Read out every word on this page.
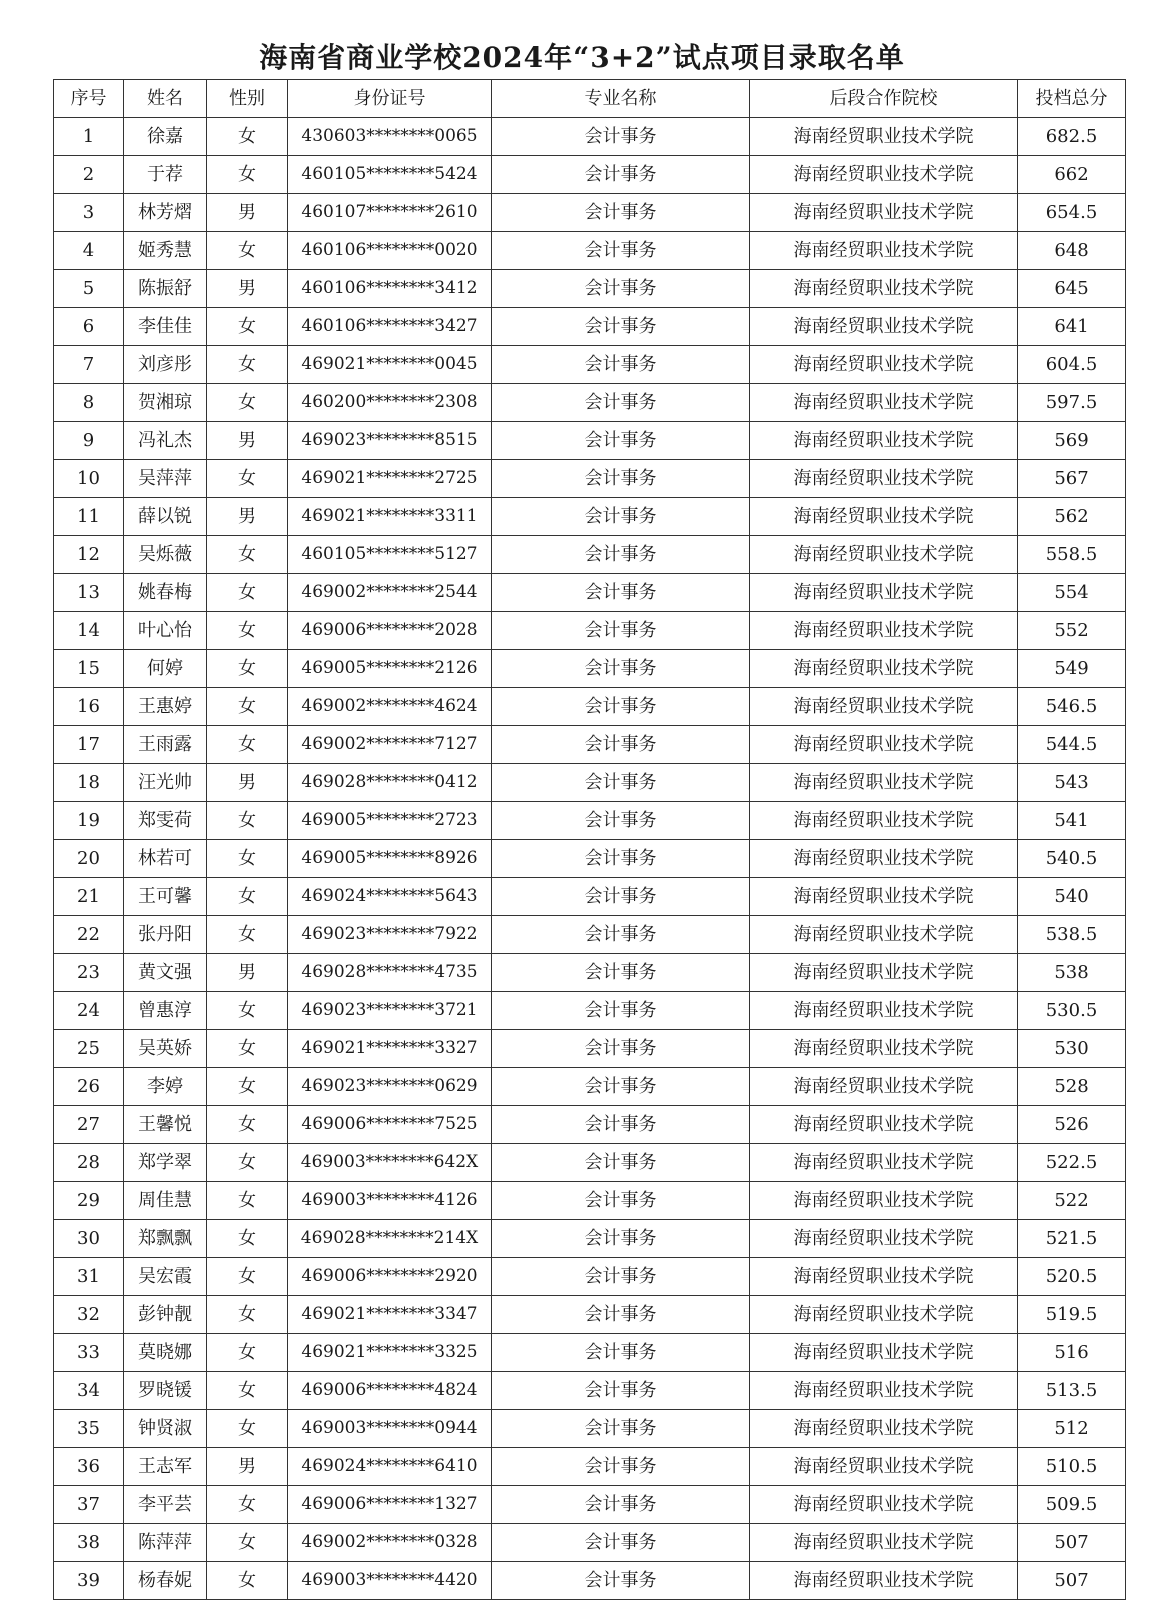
海南省商业学校2024年“3+2”试点项目录取名单
序号	姓名	性别	身份证号	专业名称	后段合作院校	投档总分
1	徐嘉	女	430603********0065	会计事务	海南经贸职业技术学院	682.5
2	于荐	女	460105********5424	会计事务	海南经贸职业技术学院	662
3	林芳熠	男	460107********2610	会计事务	海南经贸职业技术学院	654.5
4	姬秀慧	女	460106********0020	会计事务	海南经贸职业技术学院	648
5	陈振舒	男	460106********3412	会计事务	海南经贸职业技术学院	645
6	李佳佳	女	460106********3427	会计事务	海南经贸职业技术学院	641
7	刘彦彤	女	469021********0045	会计事务	海南经贸职业技术学院	604.5
8	贺湘琼	女	460200********2308	会计事务	海南经贸职业技术学院	597.5
9	冯礼杰	男	469023********8515	会计事务	海南经贸职业技术学院	569
10	吴萍萍	女	469021********2725	会计事务	海南经贸职业技术学院	567
11	薛以锐	男	469021********3311	会计事务	海南经贸职业技术学院	562
12	吴烁薇	女	460105********5127	会计事务	海南经贸职业技术学院	558.5
13	姚春梅	女	469002********2544	会计事务	海南经贸职业技术学院	554
14	叶心怡	女	469006********2028	会计事务	海南经贸职业技术学院	552
15	何婷	女	469005********2126	会计事务	海南经贸职业技术学院	549
16	王惠婷	女	469002********4624	会计事务	海南经贸职业技术学院	546.5
17	王雨露	女	469002********7127	会计事务	海南经贸职业技术学院	544.5
18	汪光帅	男	469028********0412	会计事务	海南经贸职业技术学院	543
19	郑雯荷	女	469005********2723	会计事务	海南经贸职业技术学院	541
20	林若可	女	469005********8926	会计事务	海南经贸职业技术学院	540.5
21	王可馨	女	469024********5643	会计事务	海南经贸职业技术学院	540
22	张丹阳	女	469023********7922	会计事务	海南经贸职业技术学院	538.5
23	黄文强	男	469028********4735	会计事务	海南经贸职业技术学院	538
24	曾惠淳	女	469023********3721	会计事务	海南经贸职业技术学院	530.5
25	吴英娇	女	469021********3327	会计事务	海南经贸职业技术学院	530
26	李婷	女	469023********0629	会计事务	海南经贸职业技术学院	528
27	王馨悦	女	469006********7525	会计事务	海南经贸职业技术学院	526
28	郑学翠	女	469003********642X	会计事务	海南经贸职业技术学院	522.5
29	周佳慧	女	469003********4126	会计事务	海南经贸职业技术学院	522
30	郑飘飘	女	469028********214X	会计事务	海南经贸职业技术学院	521.5
31	吴宏霞	女	469006********2920	会计事务	海南经贸职业技术学院	520.5
32	彭钟靓	女	469021********3347	会计事务	海南经贸职业技术学院	519.5
33	莫晓娜	女	469021********3325	会计事务	海南经贸职业技术学院	516
34	罗晓锾	女	469006********4824	会计事务	海南经贸职业技术学院	513.5
35	钟贤淑	女	469003********0944	会计事务	海南经贸职业技术学院	512
36	王志军	男	469024********6410	会计事务	海南经贸职业技术学院	510.5
37	李平芸	女	469006********1327	会计事务	海南经贸职业技术学院	509.5
38	陈萍萍	女	469002********0328	会计事务	海南经贸职业技术学院	507
39	杨春妮	女	469003********4420	会计事务	海南经贸职业技术学院	507
